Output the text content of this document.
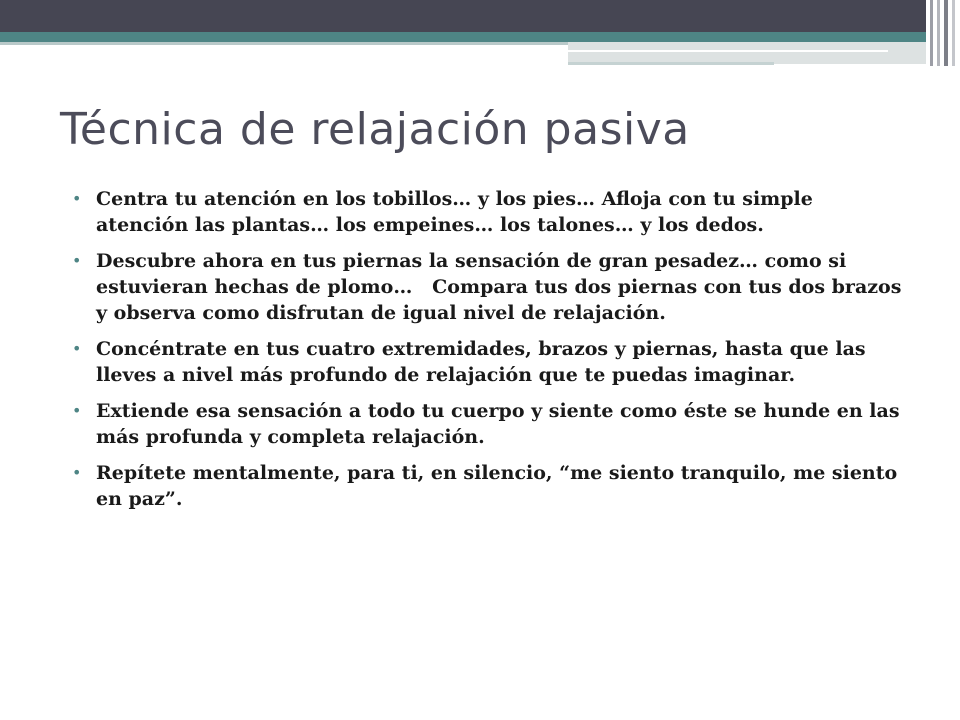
Técnica de relajación pasiva
• Centra tu atención en los tobillos… y los pies… Afloja con tu simple atención las plantas… los empeines… los talones… y los dedos.
• Descubre ahora en tus piernas la sensación de gran pesadez… como si estuvieran hechas de plomo…   Compara tus dos piernas con tus dos brazos y observa como disfrutan de igual nivel de relajación.
• Concéntrate en tus cuatro extremidades, brazos y piernas, hasta que las lleves a nivel más profundo de relajación que te puedas imaginar.
• Extiende esa sensación a todo tu cuerpo y siente como éste se hunde en las más profunda y completa relajación.
• Repítete mentalmente, para ti, en silencio, “me siento tranquilo, me siento en paz”.
